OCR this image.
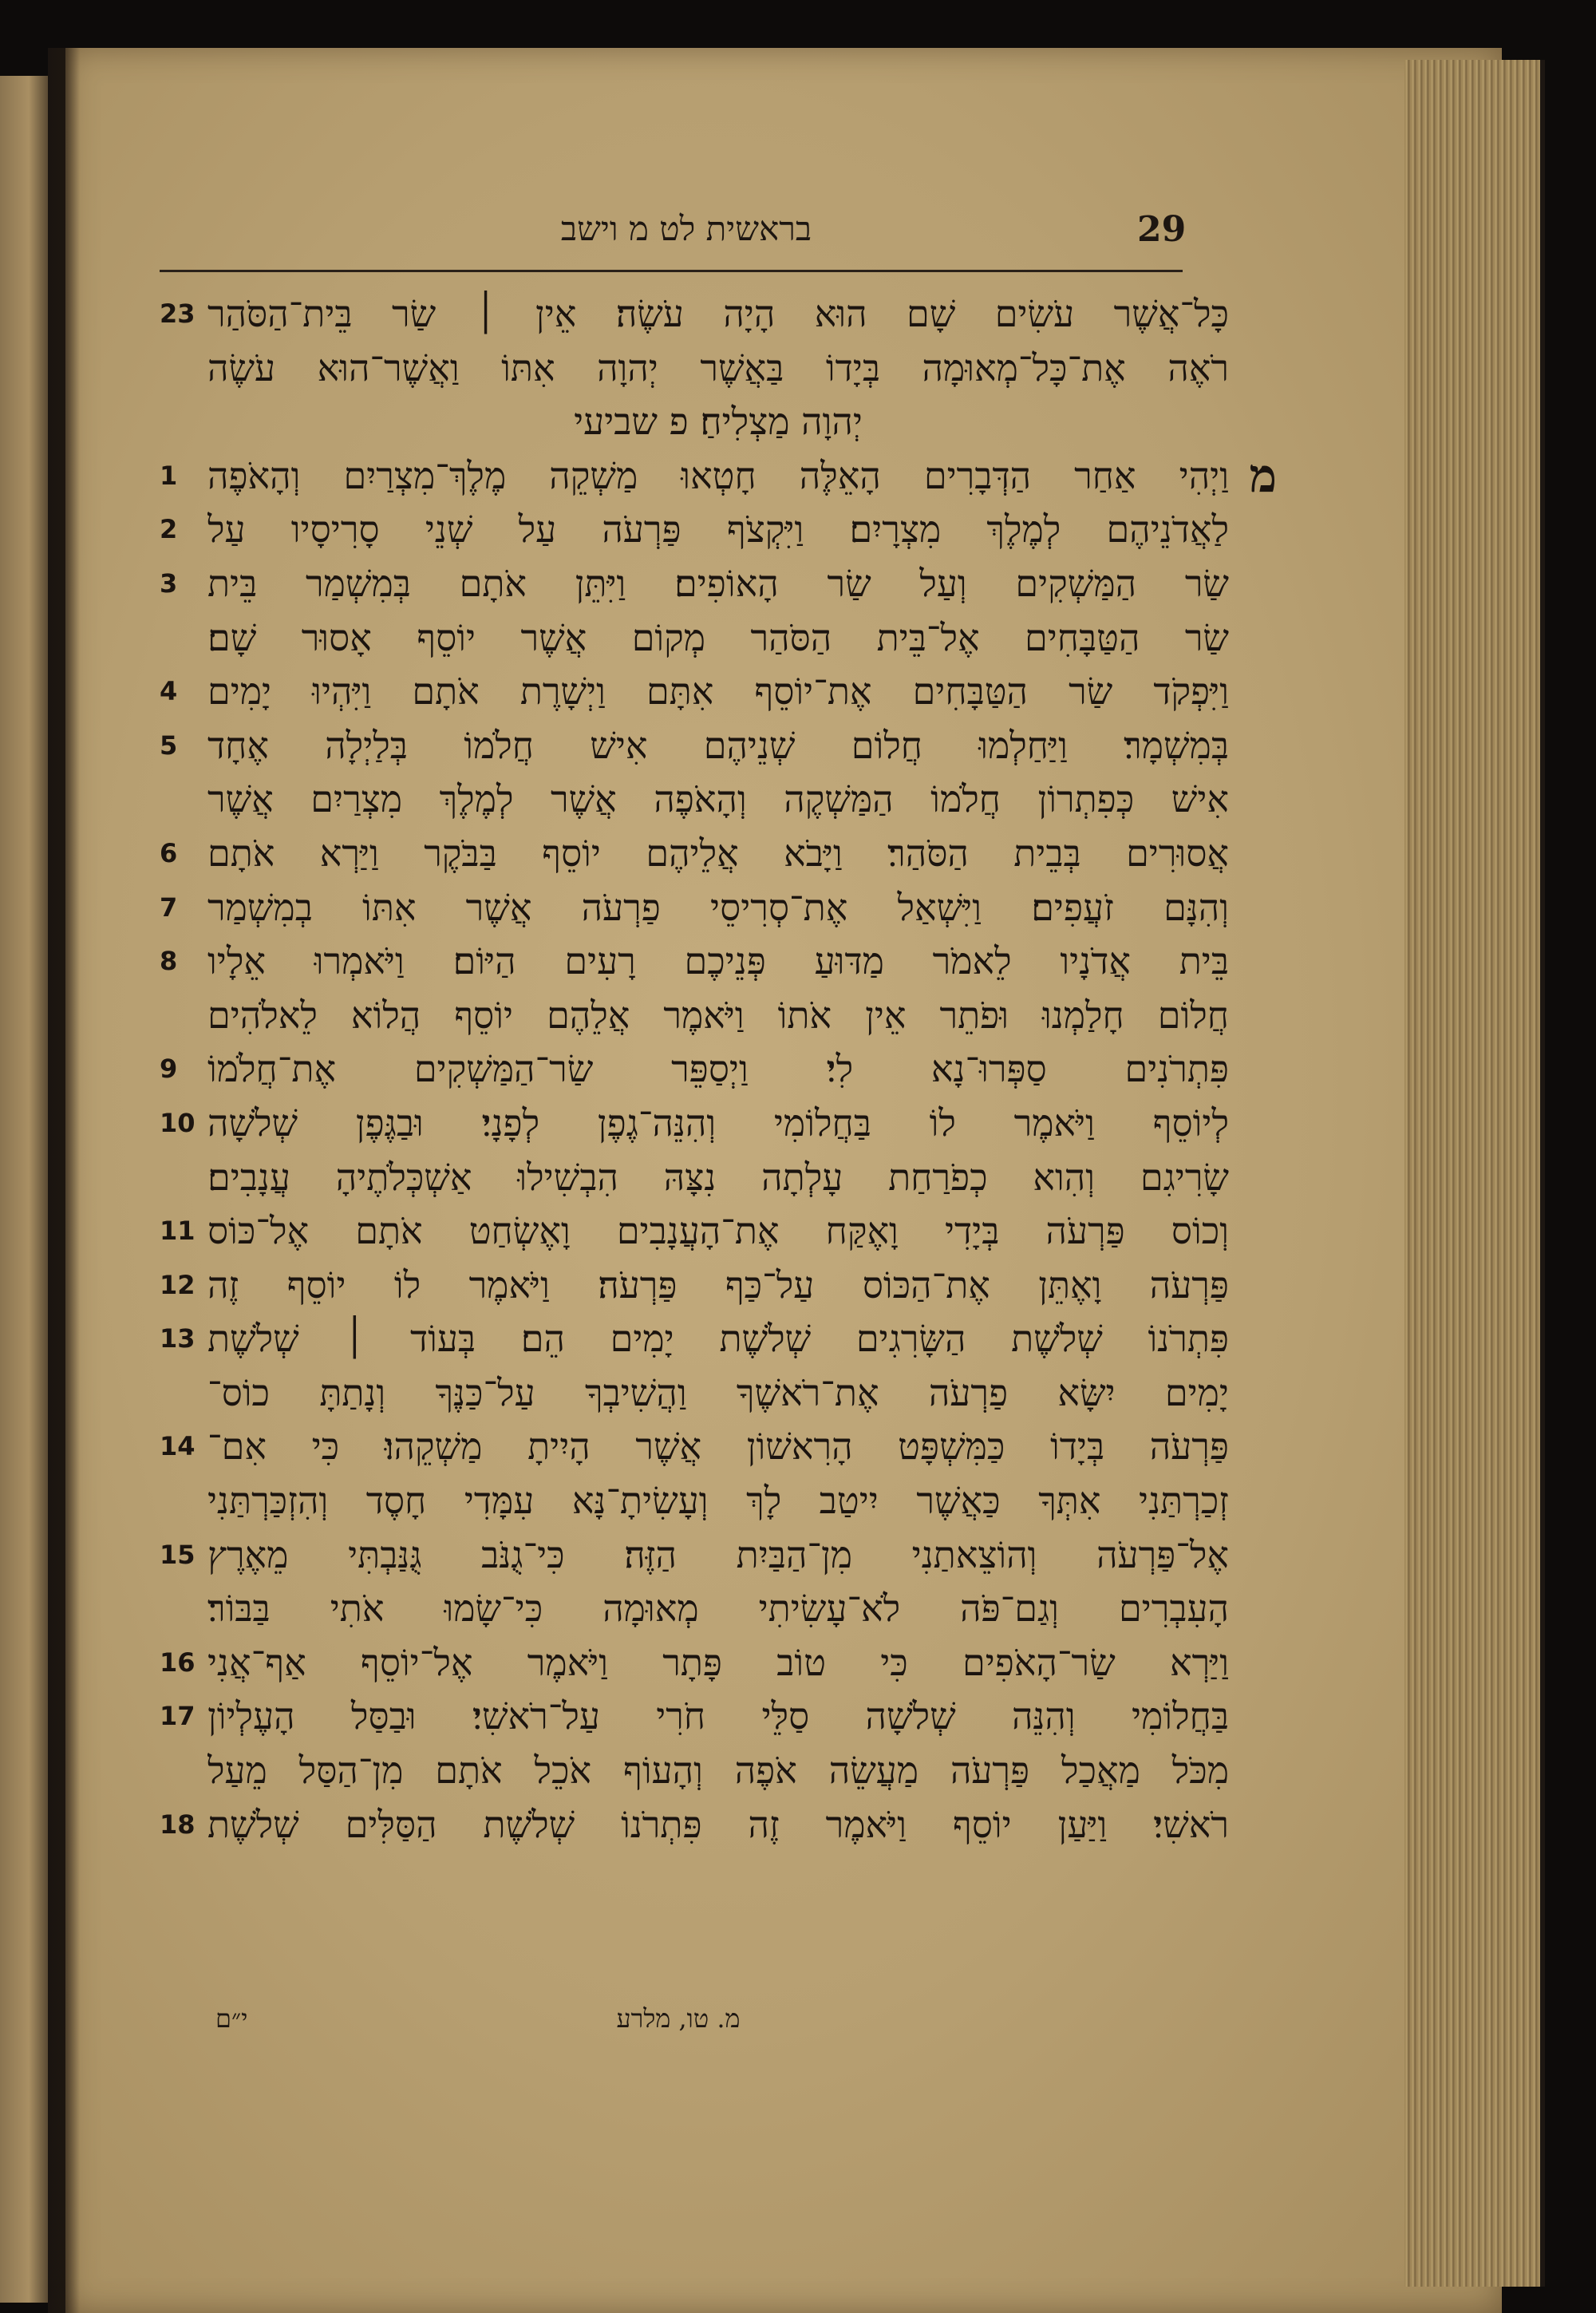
29
בראשית לט מ וישב
23 כָּל־אֲשֶׁר עֹשִׂים שָׁם הוּא הָיָה עֹשֶׂה׃ אֵין ׀ שַׂר בֵּית־הַסֹּהַר
רֹאֶה אֶת־כָּל־מְאוּמָה בְּיָדוֹ בַּאֲשֶׁר יְהוָה אִתּוֹ וַאֲשֶׁר־הוּא עֹשֶׂה
יְהוָה מַצְלִיחַ׃ פ שביעי
1 וַיְהִי אַחַר הַדְּבָרִים הָאֵלֶּה חָטְאוּ מַשְׁקֵה מֶלֶךְ־מִצְרַיִם וְהָאֹפֶה מ
2 לַאֲדֹנֵיהֶם לְמֶלֶךְ מִצְרָיִם׃ וַיִּקְצֹף פַּרְעֹה עַל שְׁנֵי סָרִיסָיו עַל
3 שַׂר הַמַּשְׁקִים וְעַל שַׂר הָאוֹפִים׃ וַיִּתֵּן אֹתָם בְּמִשְׁמַר בֵּית
שַׂר הַטַּבָּחִים אֶל־בֵּית הַסֹּהַר מְקוֹם אֲשֶׁר יוֹסֵף אָסוּר שָׁם׃
4 וַיִּפְקֹד שַׂר הַטַּבָּחִים אֶת־יוֹסֵף אִתָּם וַיְשָׁרֶת אֹתָם וַיִּהְיוּ יָמִים
5 בְּמִשְׁמָר׃ וַיַּחַלְמוּ חֲלוֹם שְׁנֵיהֶם אִישׁ חֲלֹמוֹ בְּלַיְלָה אֶחָד
אִישׁ כְּפִתְרוֹן חֲלֹמוֹ הַמַּשְׁקֶה וְהָאֹפֶה אֲשֶׁר לְמֶלֶךְ מִצְרַיִם אֲשֶׁר
6 אֲסוּרִים בְּבֵית הַסֹּהַר׃ וַיָּבֹא אֲלֵיהֶם יוֹסֵף בַּבֹּקֶר וַיַּרְא אֹתָם
7 וְהִנָּם זֹעֲפִים׃ וַיִּשְׁאַל אֶת־סְרִיסֵי פַרְעֹה אֲשֶׁר אִתּוֹ בְמִשְׁמַר
8 בֵּית אֲדֹנָיו לֵאמֹר מַדּוּעַ פְּנֵיכֶם רָעִים הַיּוֹם׃ וַיֹּאמְרוּ אֵלָיו
חֲלוֹם חָלַמְנוּ וּפֹתֵר אֵין אֹתוֹ וַיֹּאמֶר אֲלֵהֶם יוֹסֵף הֲלוֹא לֵאלֹהִים
9 פִּתְרֹנִים סַפְּרוּ־נָא לִי׃ וַיְסַפֵּר שַׂר־הַמַּשְׁקִים אֶת־חֲלֹמוֹ
10 לְיוֹסֵף וַיֹּאמֶר לוֹ בַּחֲלוֹמִי וְהִנֵּה־גֶפֶן לְפָנָי׃ וּבַגֶּפֶן שְׁלֹשָׁה
שָׂרִיגִם וְהִוא כְפֹרַחַת עָלְתָה נִצָּהּ הִבְשִׁילוּ אַשְׁכְּלֹתֶיהָ עֲנָבִים׃
11 וְכוֹס פַּרְעֹה בְּיָדִי וָאֶקַּח אֶת־הָעֲנָבִים וָאֶשְׂחַט אֹתָם אֶל־כּוֹס
12 פַּרְעֹה וָאֶתֵּן אֶת־הַכּוֹס עַל־כַּף פַּרְעֹה׃ וַיֹּאמֶר לוֹ יוֹסֵף זֶה
13 פִּתְרֹנוֹ שְׁלֹשֶׁת הַשָּׂרִגִים שְׁלֹשֶׁת יָמִים הֵם׃ בְּעוֹד ׀ שְׁלֹשֶׁת
יָמִים יִשָּׂא פַרְעֹה אֶת־רֹאשֶׁךָ וַהֲשִׁיבְךָ עַל־כַּנֶּךָ וְנָתַתָּ כוֹס־
14 פַּרְעֹה בְּיָדוֹ כַּמִּשְׁפָּט הָרִאשׁוֹן אֲשֶׁר הָיִיתָ מַשְׁקֵהוּ׃ כִּי אִם־
זְכַרְתַּנִי אִתְּךָ כַּאֲשֶׁר יִיטַב לָךְ וְעָשִׂיתָ־נָּא עִמָּדִי חָסֶד וְהִזְכַּרְתַּנִי
15 אֶל־פַּרְעֹה וְהוֹצֵאתַנִי מִן־הַבַּיִת הַזֶּה׃ כִּי־גֻנֹּב גֻּנַּבְתִּי מֵאֶרֶץ
הָעִבְרִים וְגַם־פֹּה לֹא־עָשִׂיתִי מְאוּמָה כִּי־שָׂמוּ אֹתִי בַּבּוֹר׃
16 וַיַּרְא שַׂר־הָאֹפִים כִּי טוֹב פָּתָר וַיֹּאמֶר אֶל־יוֹסֵף אַף־אֲנִי
17 בַּחֲלוֹמִי וְהִנֵּה שְׁלֹשָׁה סַלֵּי חֹרִי עַל־רֹאשִׁי׃ וּבַסַּל הָעֶלְיוֹן
מִכֹּל מַאֲכַל פַּרְעֹה מַעֲשֵׂה אֹפֶה וְהָעוֹף אֹכֵל אֹתָם מִן־הַסַּל מֵעַל
18 רֹאשִׁי׃ וַיַּעַן יוֹסֵף וַיֹּאמֶר זֶה פִּתְרֹנוֹ שְׁלֹשֶׁת הַסַּלִּים שְׁלֹשֶׁת
מ. טו, מלרע
י״ם
